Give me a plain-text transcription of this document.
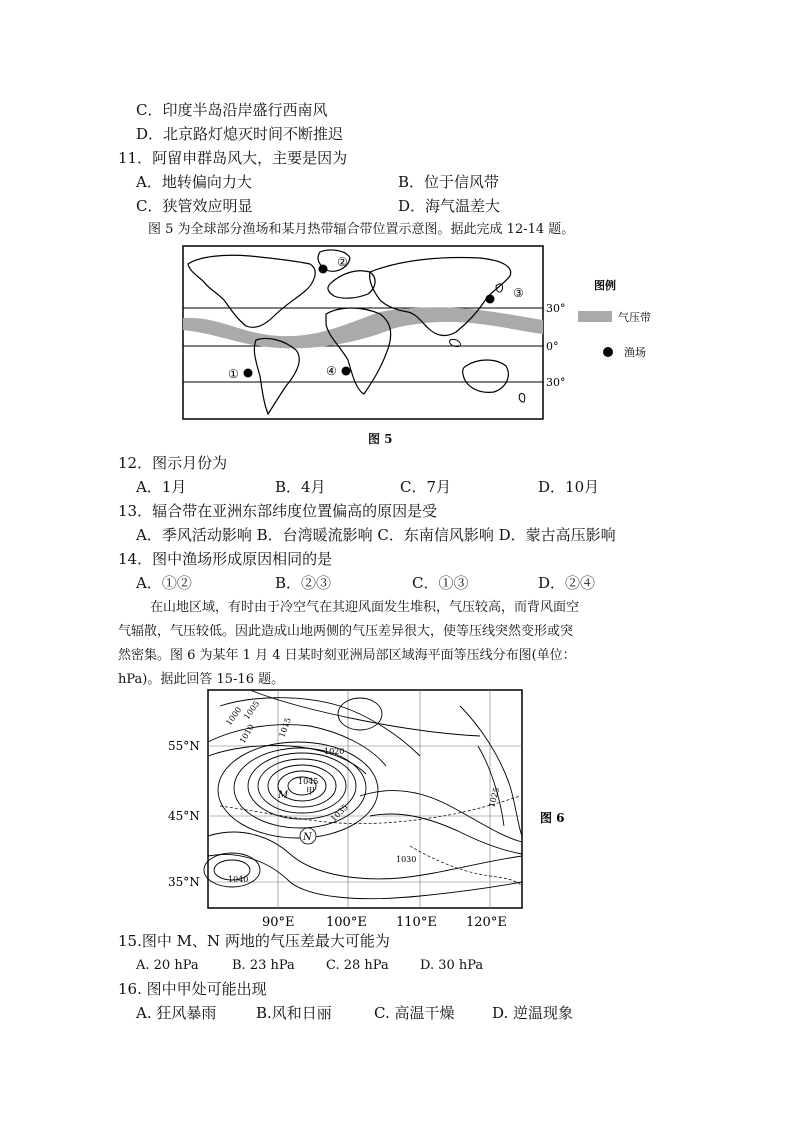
C．印度半岛沿岸盛行西南风
D．北京路灯熄灭时间不断推迟
11．阿留申群岛风大，主要是因为
A．地转偏向力大	B．位于信风带
C．狭管效应明显	D．海气温差大
图 5 为全球部分渔场和某月热带辐合带位置示意图。据此完成 12-14 题。
①
②
③
④
30°
0°
30°
图例
气压带
渔场
图 5
12．图示月份为
A．1月	B．4月	C．7月	D．10月
13．辐合带在亚洲东部纬度位置偏高的原因是受
A．季风活动影响 B．台湾暖流影响 C．东南信风影响 D．蒙古高压影响
14．图中渔场形成原因相同的是
A．①②	B．②③	C．①③	D．②④
在山地区域，有时由于冷空气在其迎风面发生堆积，气压较高，而背风面空
气辐散，气压较低。因此造成山地两侧的气压差异很大，使等压线突然变形或突
然密集。图 6 为某年 1 月 4 日某时刻亚洲局部区域海平面等压线分布图(单位：
hPa)。据此回答 15-16 题。
1000
1005
1010	1015
1020
1025
1030
1035
1040
1045
N
M 甲
55°N
45°N
35°N
90°E 100°E 110°E 120°E
图 6
15.图中 M、N 两地的气压差最大可能为
A. 20 hPa	B. 23 hPa C. 28 hPa D. 30 hPa
16. 图中甲处可能出现
A. 狂风暴雨	B.风和日丽	C. 高温干燥	D. 逆温现象
